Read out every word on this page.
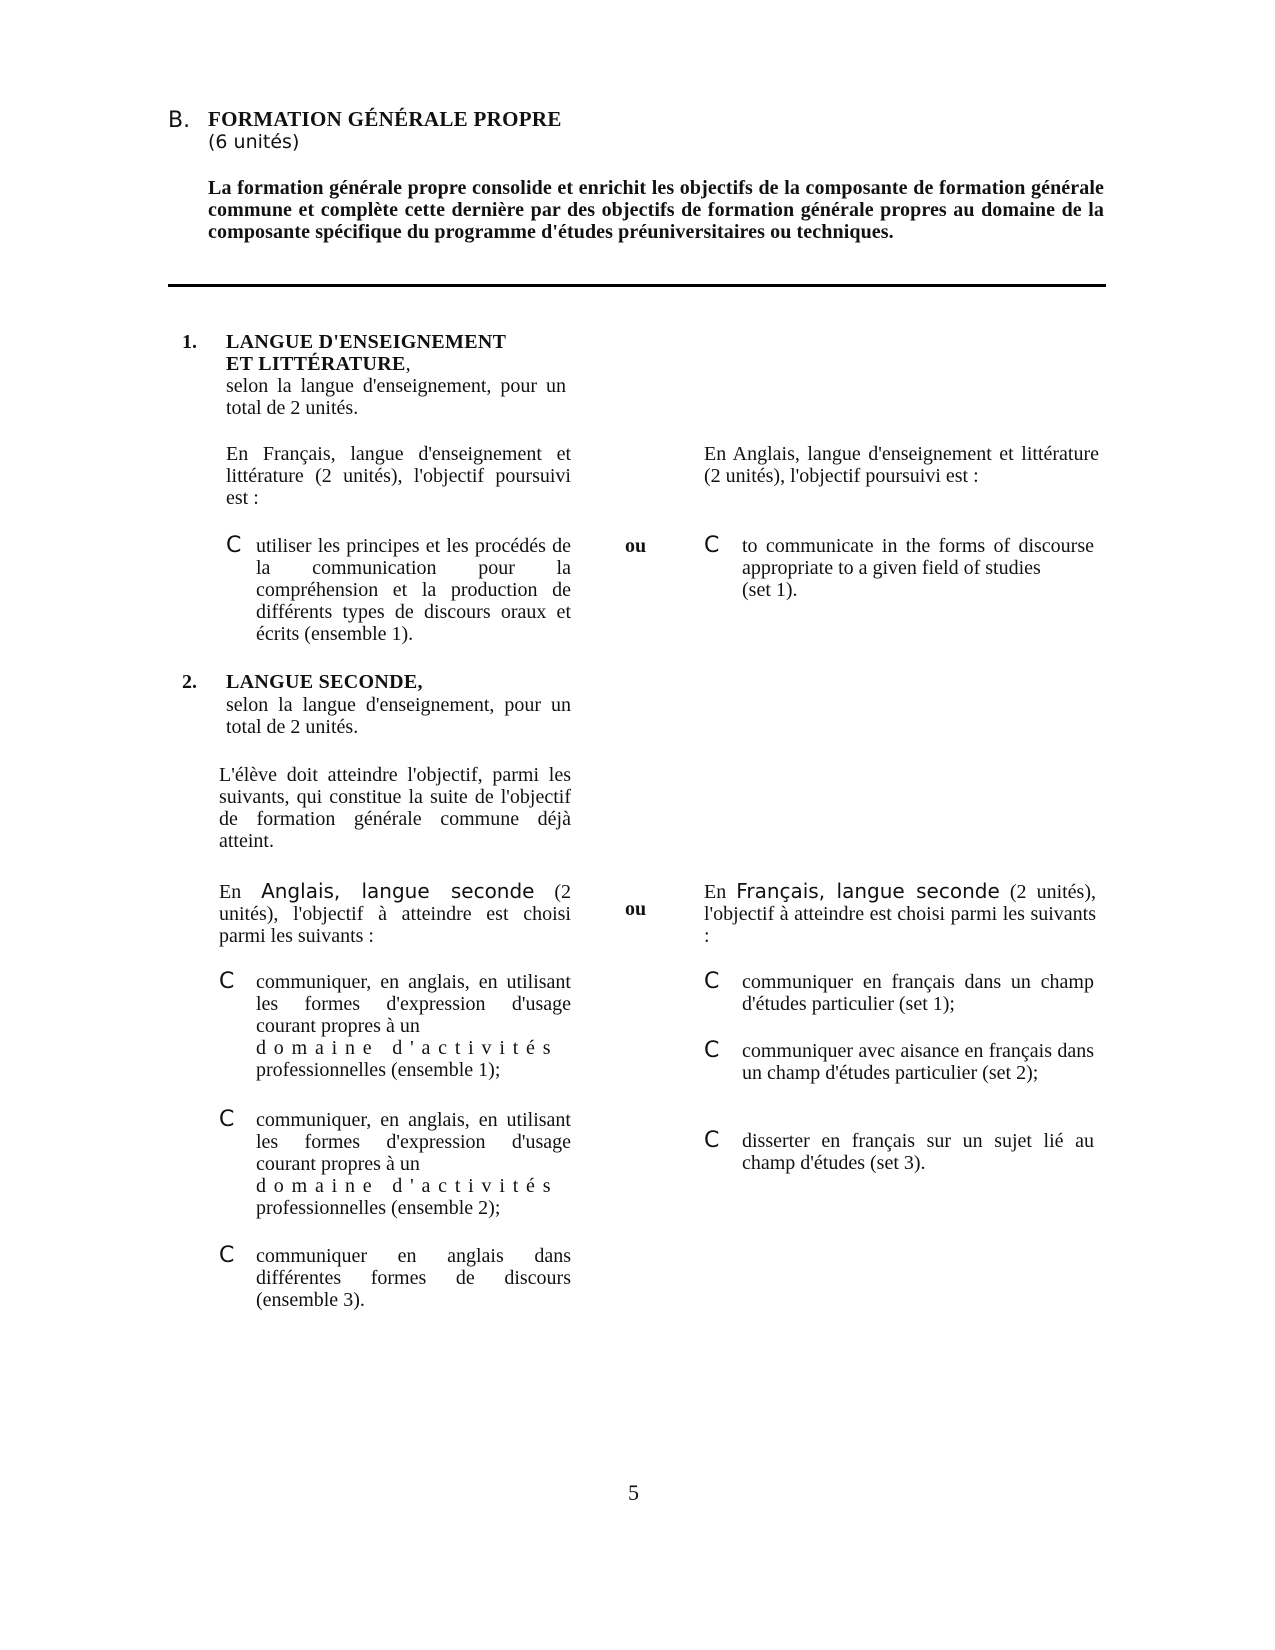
B. FORMATION GÉNÉRALE PROPRE
(6 unités)
La formation générale propre consolide et enrichit les objectifs de la composante de formation générale commune et complète cette dernière par des objectifs de formation générale propres au domaine de la composante spécifique du programme d'études préuniversitaires ou techniques.
1. LANGUE D'ENSEIGNEMENT
ET LITTÉRATURE,
selon la langue d'enseignement, pour un total de 2 unités.
En Français, langue d'enseignement et littérature (2 unités), l'objectif poursuivi est :
En Anglais, langue d'enseignement et littérature (2 unités), l'objectif poursuivi est :
C utiliser les principes et les procédés de la communication pour la compréhension et la production de différents types de discours oraux et écrits (ensemble 1).
ou	C to communicate in the forms of discourse appropriate to a given field of studies
(set 1).
2. LANGUE SECONDE,
selon la langue d'enseignement, pour un total de 2 unités.
L'élève doit atteindre l'objectif, parmi les suivants, qui constitue la suite de l'objectif de formation générale commune déjà atteint.
En Anglais, langue seconde (2 unités), l'objectif à atteindre est choisi parmi les suivants :
ou
En Français, langue seconde (2 unités), l'objectif à atteindre est choisi parmi les suivants :
C communiquer, en anglais, en utilisant les formes d'expression d'usage courant propres à un
domaine d'activités
professionnelles (ensemble 1);
C communiquer, en anglais, en utilisant les formes d'expression d'usage courant propres à un
domaine d'activités
professionnelles (ensemble 2);
C communiquer en anglais dans différentes formes de discours (ensemble 3).
C communiquer en français dans un champ d'études particulier (set 1);
C communiquer avec aisance en français dans un champ d'études particulier (set 2);
C disserter en français sur un sujet lié au champ d'études (set 3).
5
